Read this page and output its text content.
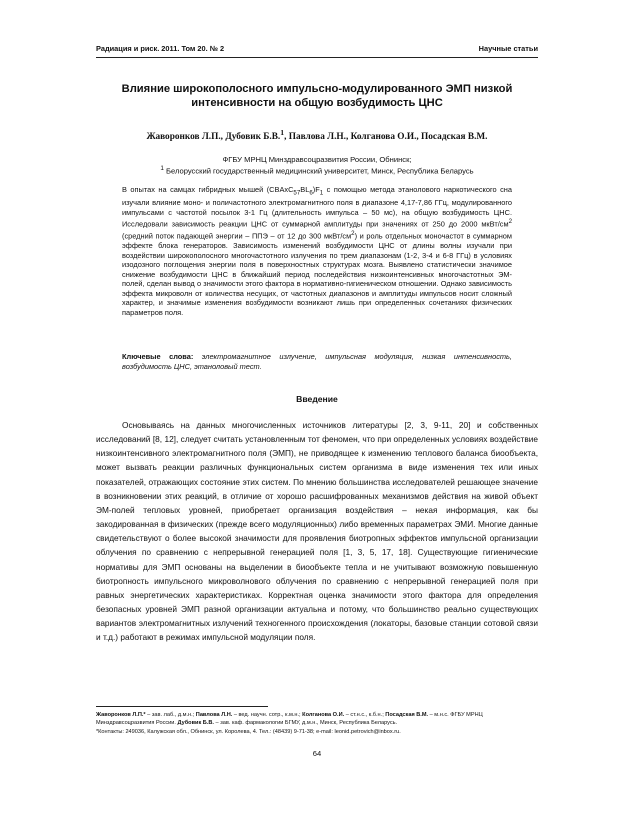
Радиация и риск. 2011. Том 20. № 2	Научные статьи
Влияние широкополосного импульсно-модулированного ЭМП низкой интенсивности на общую возбудимость ЦНС
Жаворонков Л.П., Дубовик Б.В.$^1$, Павлова Л.Н., Колганова О.И., Посадская В.М.
ФГБУ МРНЦ Минздравсоцразвития России, Обнинск;
$^1$ Белорусский государственный медицинский университет, Минск, Республика Беларусь

В опытах на самцах гибридных мышей $(CBAxC_{57}BL_6)F_1$ с помощью метода этанолового наркотического сна изучали влияние моно- и поличастотного электромагнитного поля в диапазоне 4,17-7,86 ГГц, модулированного импульсами с частотой посылок 3-1 Гц (длительность импульса – 50 мс), на общую возбудимость ЦНС. Исследовали зависимость реакции ЦНС от суммарной амплитуды при значениях от 250 до 2000 мкВт/$см^2$ (средний поток падающей энергии – ППЭ – от 12 до 300 мкВт/$см^2$) и роль отдельных моночастот в суммарном эффекте блока генераторов. Зависимость изменений возбудимости ЦНС от длины волны изучали при воздействии широкополосного многочастотного излучения по трем диапазонам (1-2, 3-4 и 6-8 ГГц) в условиях изодозного поглощения энергии поля в поверхностных структурах мозга. Выявлено статистически значимое снижение возбудимости ЦНС в ближайший период последействия низкоинтенсивных многочастотных ЭМ-полей, сделан вывод о значимости этого фактора в нормативно-гигиеническом отношении. Однако зависимость эффекта микроволн от количества несущих, от частотных диапазонов и амплитуды импульсов носит сложный характер, и значимые изменения возбудимости возникают лишь при определенных сочетаниях физических параметров поля.

Ключевые слова: электромагнитное излучение, импульсная модуляция, низкая интенсивность, возбудимость ЦНС, этаноловый тест.

Введение

Основываясь на данных многочисленных источников литературы [2, 3, 9-11, 20] и собственных исследований [8, 12], следует считать установленным тот феномен, что при определенных условиях воздействие низкоинтенсивного электромагнитного поля (ЭМП), не приводящее к изменению теплового баланса биообъекта, может вызвать реакции различных функциональных систем организма в виде изменения тех или иных показателей, отражающих состояние этих систем. По мнению большинства исследователей решающее значение в возникновении этих реакций, в отличие от хорошо расшифрованных механизмов действия на живой объект ЭМ-полей тепловых уровней, приобретает организация воздействия – некая информация, как бы закодированная в физических (прежде всего модуляционных) либо временных параметрах ЭМИ. Многие данные свидетельствуют о более высокой значимости для проявления биотропных эффектов импульсной организации облучения по сравнению с непрерывной генерацией поля [1, 3, 5, 17, 18]. Существующие гигиенические нормативы для ЭМП основаны на выделении в биообъекте тепла и не учитывают возможную повышенную биотропность импульсного микроволнового облучения по сравнению с непрерывной генерацией поля при равных энергетических характеристиках. Корректная оценка значимости этого фактора для определения безопасных уровней ЭМП разной организации актуальна и потому, что большинство реально существующих вариантов электромагнитных излучений техногенного происхождения (локаторы, базовые станции сотовой связи и т.д.) работают в режимах импульсной модуляции поля.

Жаворонков Л.П.* – зав. лаб., д.м.н.; Павлова Л.Н. – вед. научн. сотр., к.м.н.; Колганова О.И. – ст.н.с., к.б.н.; Посадская В.М. – м.н.с. ФГБУ МРНЦ Минздравсоцразвития России. Дубовик Б.В. – зав. каф. фармакологии БГМУ, д.м.н., Минск, Республика Беларусь.
*Контакты: 249036, Калужская обл., Обнинск, ул. Королева, 4. Тел.: (48439) 9-71-38; e-mail: leonid.petrovich@inbox.ru.

64
